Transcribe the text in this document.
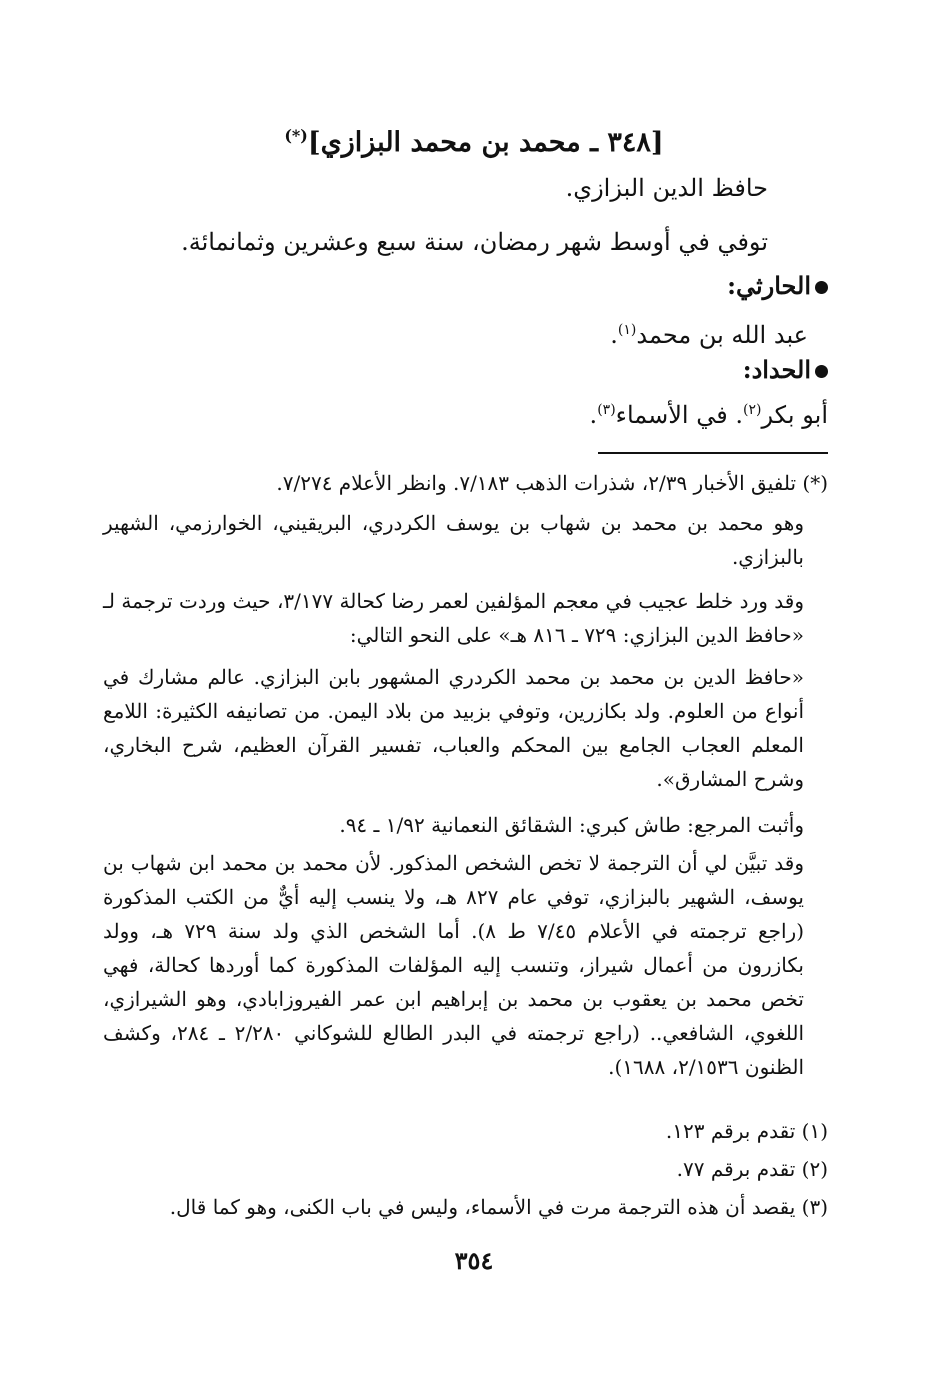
[٣٤٨ ـ محمد بن محمد البزازي](*)
حافظ الدين البزازي.
توفي في أوسط شهر رمضان، سنة سبع وعشرين وثمانمائة.
الحارثي:
عبد الله بن محمد$^{(١)}$.
الحداد:
أبو بكر$^{(٢)}$. في الأسماء$^{(٣)}$.
(*) تلفيق الأخبار ٢/٣٩، شذرات الذهب ٧/١٨٣. وانظر الأعلام ٧/٢٧٤.
وهو محمد بن محمد بن شهاب بن يوسف الكردري، البريقيني، الخوارزمي، الشهير بالبزازي.
وقد ورد خلط عجيب في معجم المؤلفين لعمر رضا كحالة ٣/١٧٧، حيث وردت ترجمة لـ «حافظ الدين البزازي: ٧٢٩ ـ ٨١٦ هـ» على النحو التالي:
«حافظ الدين بن محمد بن محمد الكردري المشهور بابن البزازي. عالم مشارك في أنواع من العلوم. ولد بكازرين، وتوفي بزبيد من بلاد اليمن. من تصانيفه الكثيرة: اللامع المعلم العجاب الجامع بين المحكم والعباب، تفسير القرآن العظيم، شرح البخاري، وشرح المشارق».
وأثبت المرجع: طاش كبري: الشقائق النعمانية ١/٩٢ ـ ٩٤.
وقد تبيَّن لي أن الترجمة لا تخص الشخص المذكور. لأن محمد بن محمد ابن شهاب بن يوسف، الشهير بالبزازي، توفي عام ٨٢٧ هـ، ولا ينسب إليه أيٌّ من الكتب المذكورة (راجع ترجمته في الأعلام ٧/٤٥ ط ٨). أما الشخص الذي ولد سنة ٧٢٩ هـ، وولد بكازرون من أعمال شيراز، وتنسب إليه المؤلفات المذكورة كما أوردها كحالة، فهي تخص محمد بن يعقوب بن محمد بن إبراهيم ابن عمر الفيروزابادي، وهو الشيرازي، اللغوي، الشافعي.. (راجع ترجمته في البدر الطالع للشوكاني ٢/٢٨٠ ـ ٢٨٤، وكشف الظنون ٢/١٥٣٦، ١٦٨٨).
(١) تقدم برقم ١٢٣.
(٢) تقدم برقم ٧٧.
(٣) يقصد أن هذه الترجمة مرت في الأسماء، وليس في باب الكنى، وهو كما قال.
٣٥٤
